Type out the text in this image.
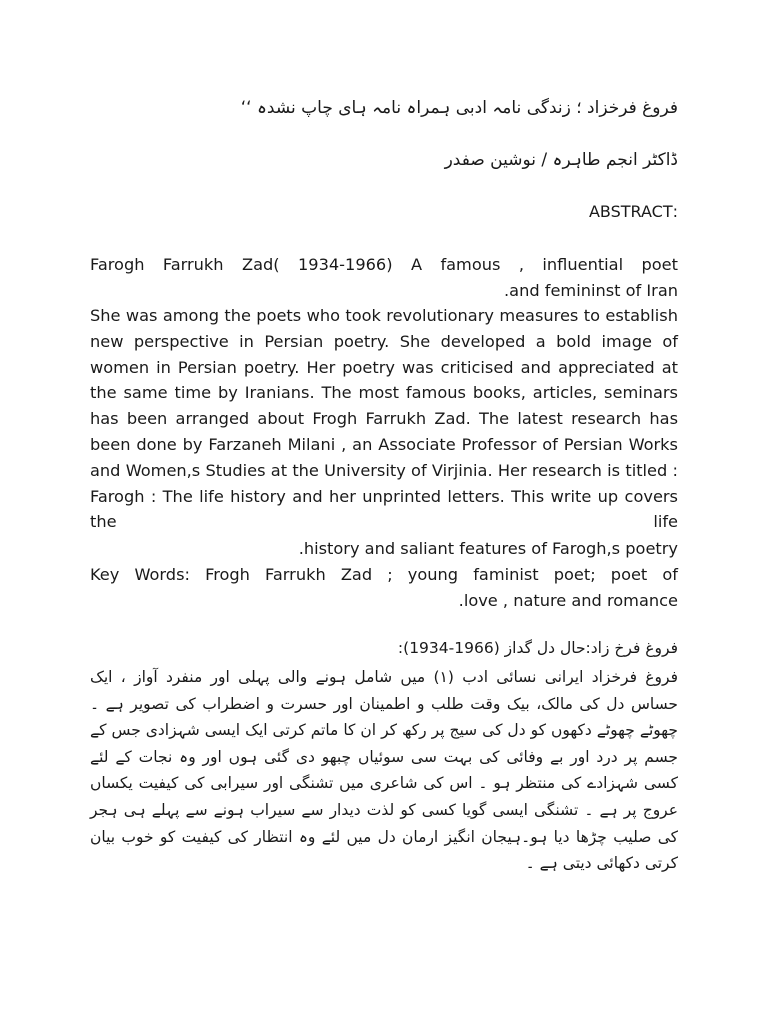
فروغ فرخزاد ؛ زندگی نامہ ادبی ہمراہ نامہ ہای چاپ نشدہ ‘‘
ڈاکٹر انجم طاہرہ / نوشین صفدر
:ABSTRACT
Farogh Farrukh Zad( 1934-1966) A famous , influential poet
.and femininst of Iran
She was among the poets who took revolutionary measures to establish new perspective in Persian poetry. She developed a bold image of women in Persian poetry. Her poetry was criticised and appreciated at the same time by Iranians. The most famous books, articles, seminars has been arranged about Frogh Farrukh Zad. The latest research has been done by Farzaneh Milani , an Associate Professor of Persian Works and Women,s Studies at the University of Virjinia. Her research is titled : Farogh : The life history and her unprinted letters. This write up covers the life
.history and saliant features of Farogh,s poetry
Key Words: Frogh Farrukh Zad ; young faminist poet; poet of
.love , nature and romance
فروغ فرخ زاد:حال دل گداز (1966-1934):

فروغ فرخزاد ایرانی نسائی ادب (۱) میں شامل ہونے والی پہلی اور منفرد آواز ، ایک حساس دل کی مالک، بیک وقت طلب و اطمینان اور حسرت و اضطراب کی تصویر ہے ۔ چھوٹے چھوٹے دکھوں کو دل کی سیج پر رکھ کر ان کا ماتم کرتی ایک ایسی شہزادی جس کے جسم پر درد اور بے وفائی کی بہت سی سوئیاں چبھو دی گئی ہوں اور وہ نجات کے لئے کسی شہزادے کی منتظر ہو ۔ اس کی شاعری میں تشنگی اور سیرابی کی کیفیت یکساں عروج پر ہے ۔ تشنگی ایسی گویا کسی کو لذت دیدار سے سیراب ہونے سے پہلے ہی ہجر کی صلیب چڑھا دیا ہو۔ہیجان انگیز ارمان دل میں لئے وہ انتظار کی کیفیت کو خوب بیان کرتی دکھائی دیتی ہے ۔
